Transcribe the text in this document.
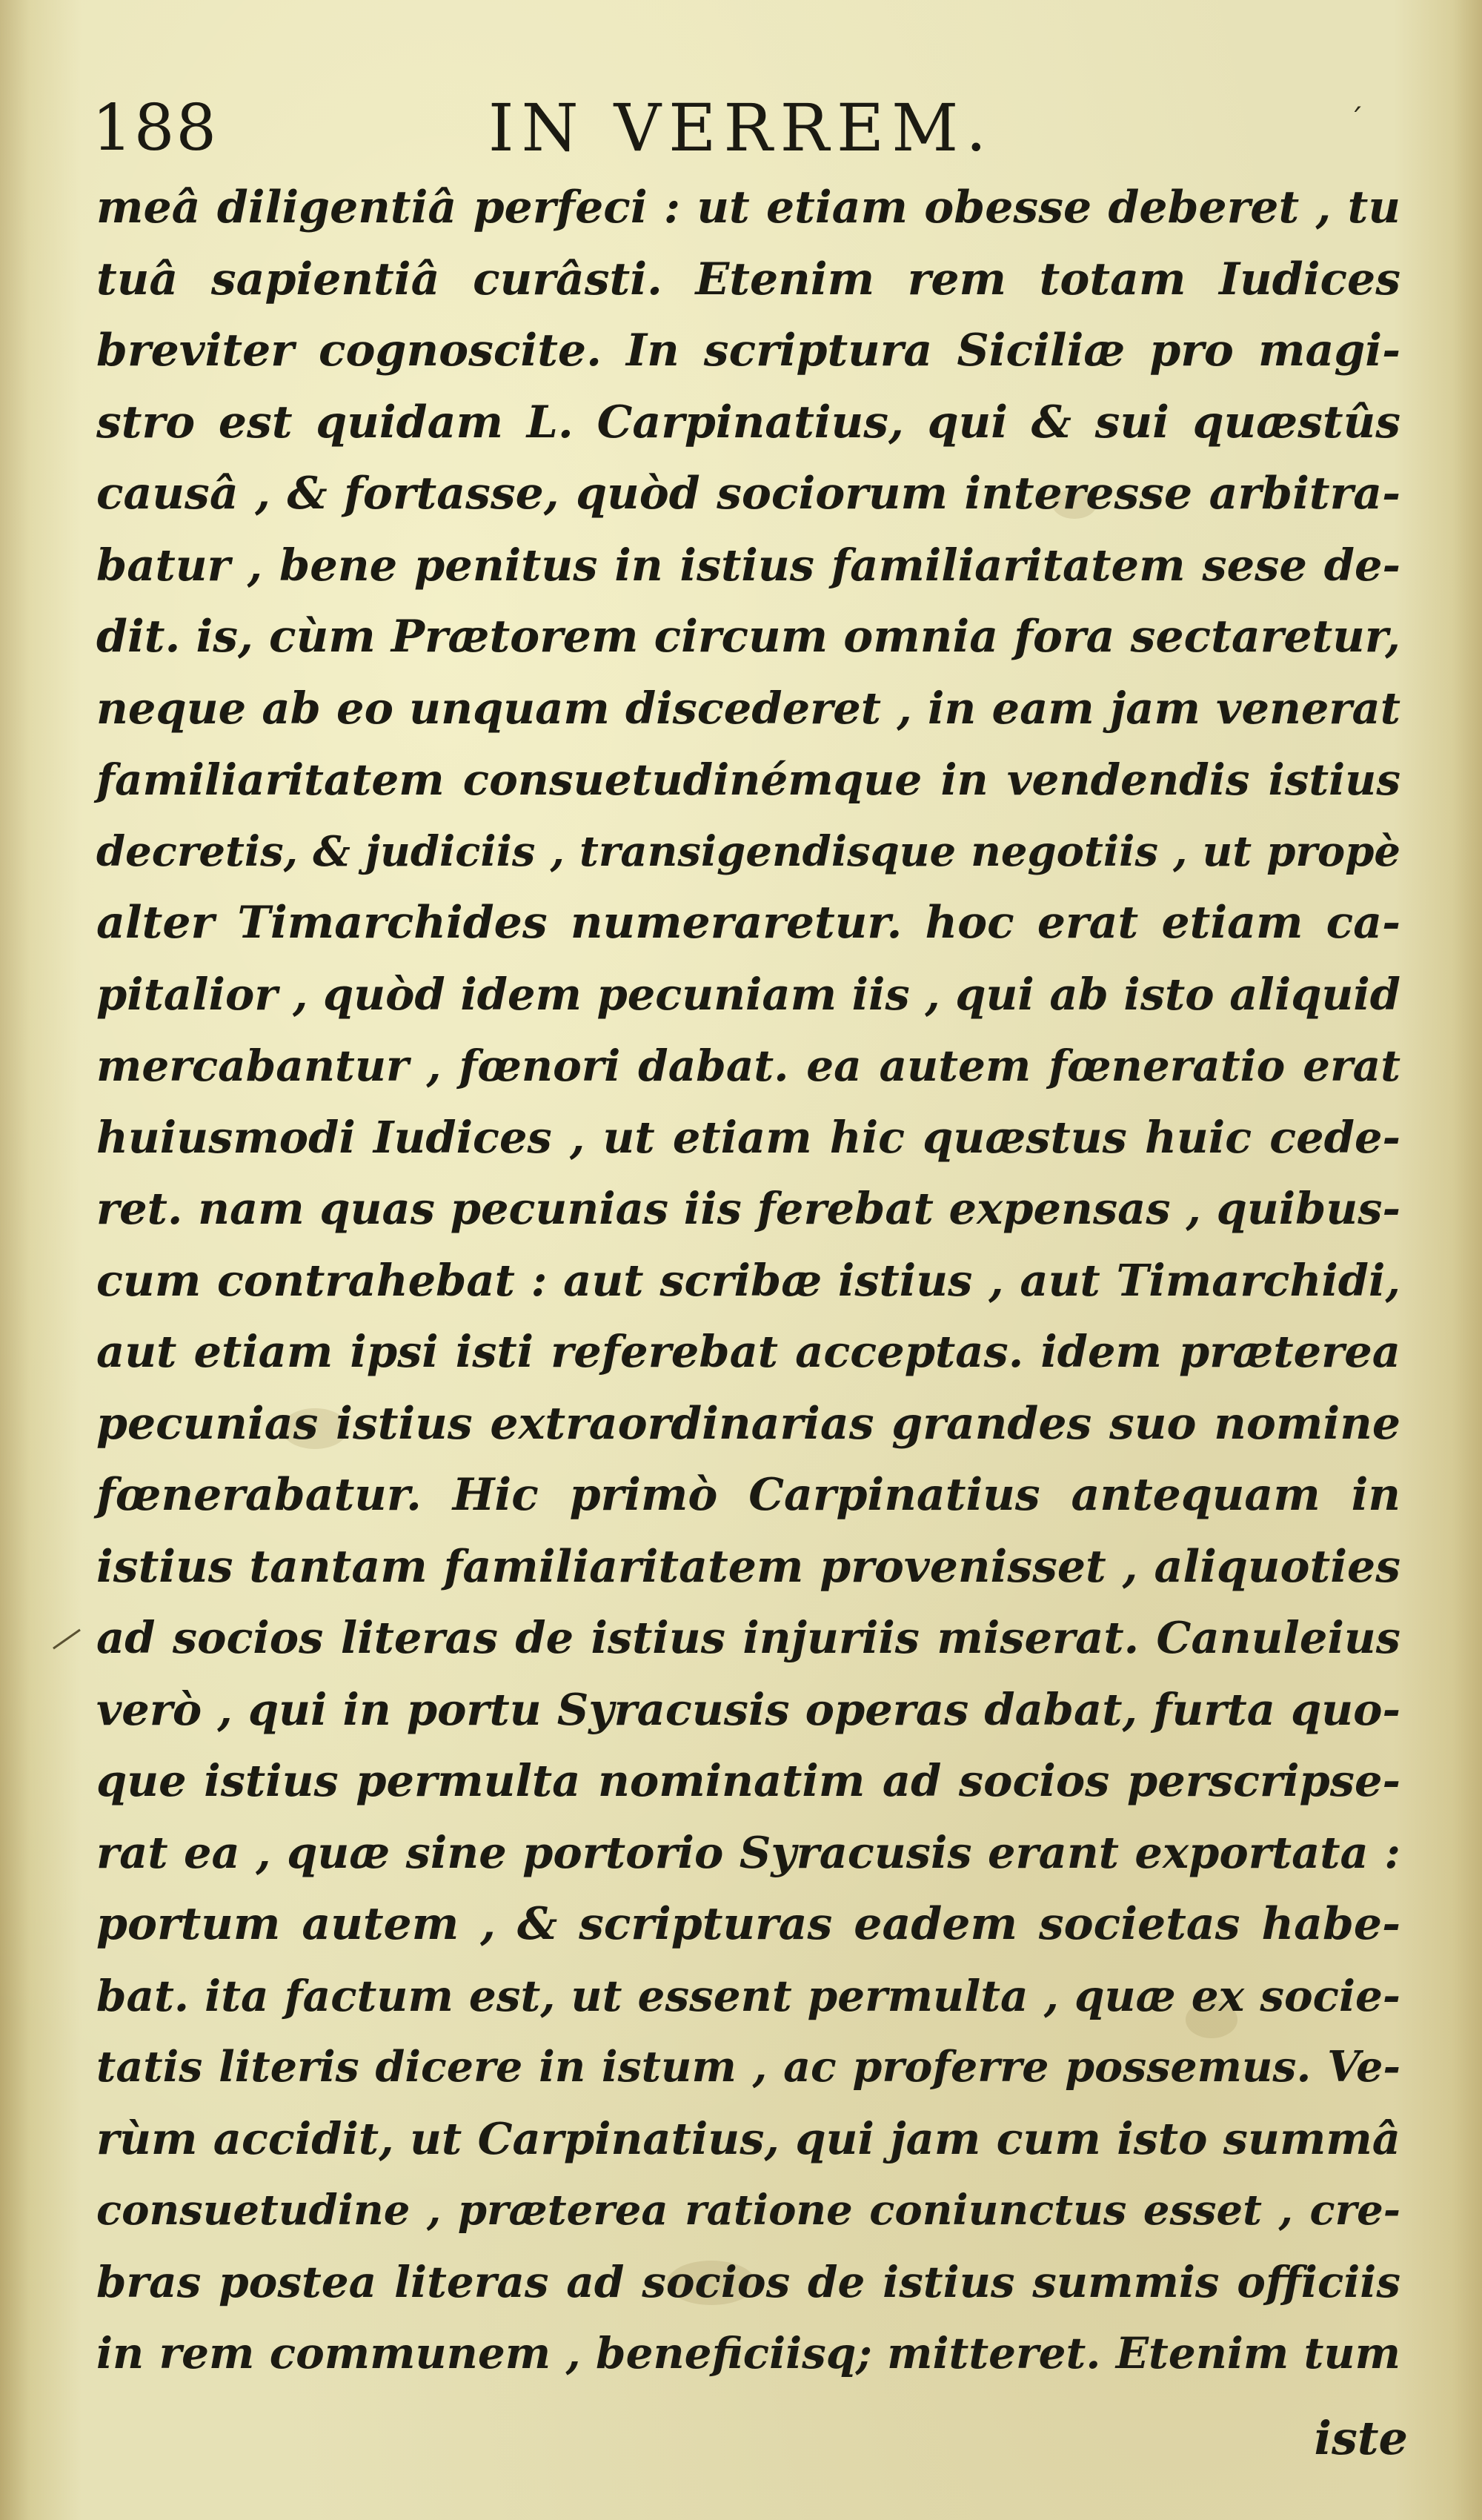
188	IN VERREM.	ˊ
meâ diligentiâ perfeci : ut etiam obesse deberet , tu
tuâ sapientiâ curâsti. Etenim rem totam Iudices
breviter cognoscite. In scriptura Siciliæ pro magi-
stro est quidam L. Carpinatius, qui & sui quæstûs
causâ , & fortasse, quòd sociorum interesse arbitra-
batur , bene penitus in istius familiaritatem sese de-
dit. is, cùm Prætorem circum omnia fora sectaretur,
neque ab eo unquam discederet , in eam jam venerat
familiaritatem consuetudinémque in vendendis istius
decretis, & judiciis , transigendisque negotiis , ut propè
alter Timarchides numeraretur. hoc erat etiam ca-
pitalior , quòd idem pecuniam iis , qui ab isto aliquid
mercabantur , fœnori dabat. ea autem fœneratio erat
huiusmodi Iudices , ut etiam hic quæstus huic cede-
ret. nam quas pecunias iis ferebat expensas , quibus-
cum contrahebat : aut scribæ istius , aut Timarchidi,
aut etiam ipsi isti referebat acceptas. idem præterea
pecunias istius extraordinarias grandes suo nomine
fœnerabatur. Hic primò Carpinatius antequam in
istius tantam familiaritatem provenisset , aliquoties
ad socios literas de istius injuriis miserat. Canuleius
verò , qui in portu Syracusis operas dabat, furta quo-
que istius permulta nominatim ad socios perscripse-
rat ea , quæ sine portorio Syracusis erant exportata :
portum autem , & scripturas eadem societas habe-
bat. ita factum est, ut essent permulta , quæ ex socie-
tatis literis dicere in istum , ac proferre possemus. Ve-
rùm accidit, ut Carpinatius, qui jam cum isto summâ
consuetudine , præterea ratione coniunctus esset , cre-
bras postea literas ad socios de istius summis officiis
in rem communem , beneficiisq; mitteret. Etenim tum
iste
